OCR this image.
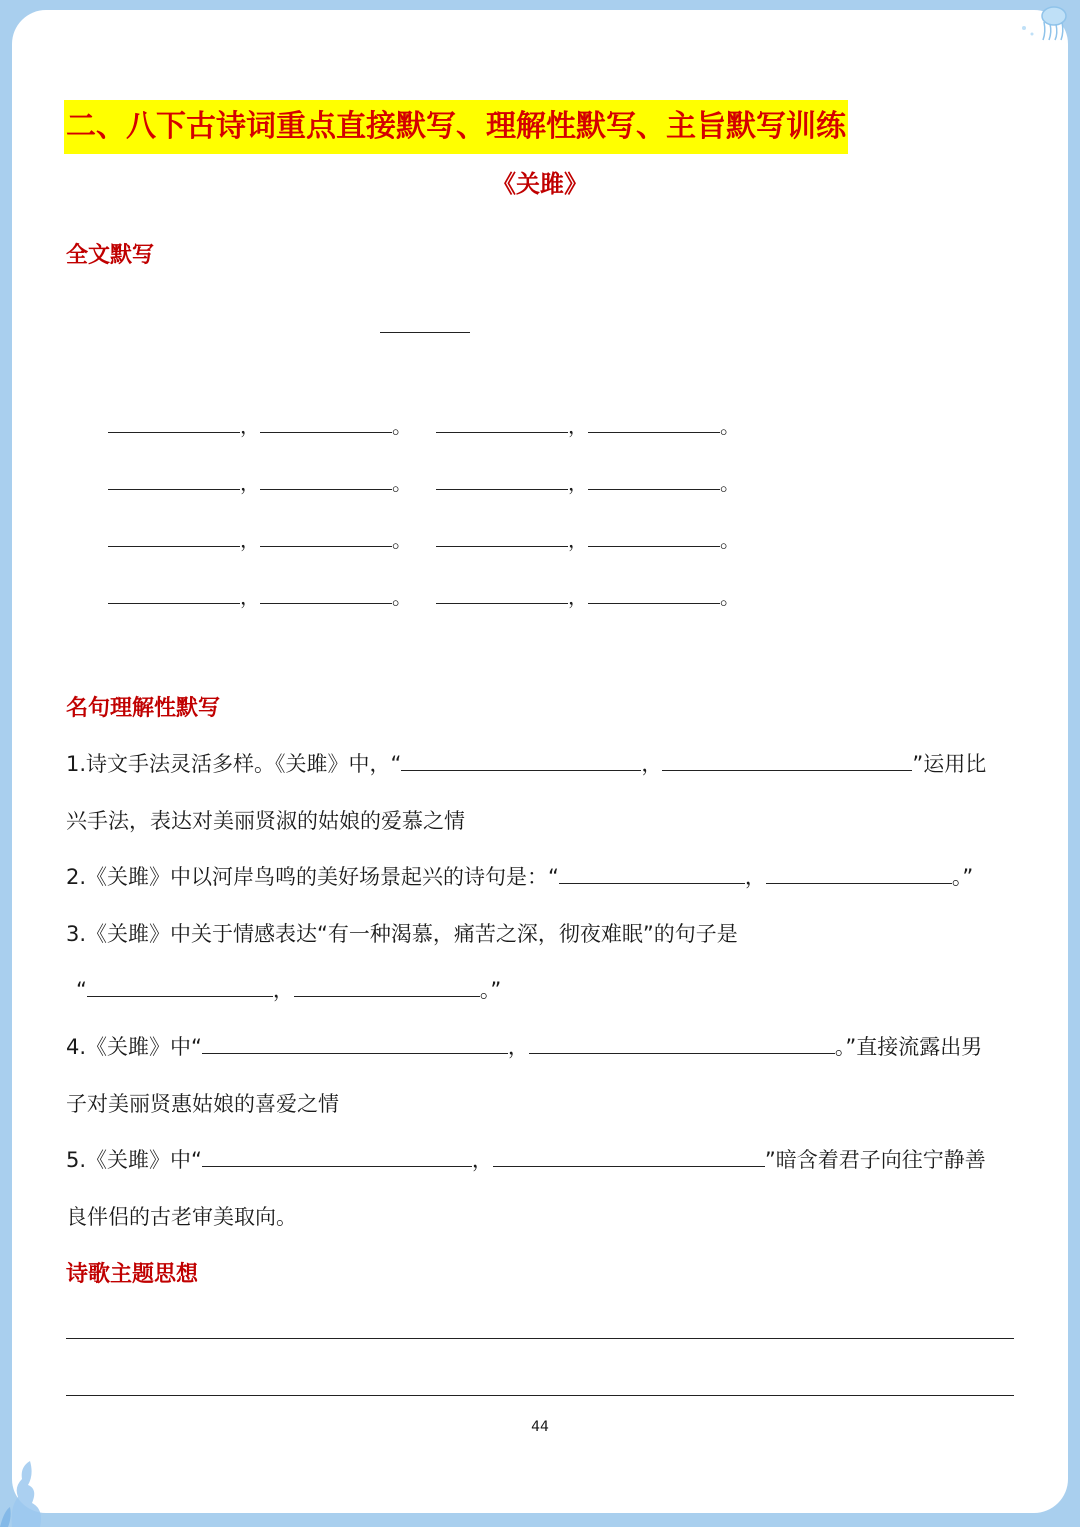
二、八下古诗词重点直接默写、理解性默写、主旨默写训练
《关雎》
全文默写
，	。	，	。
，	。	，	。
，	。	，	。
，	。	，	。
名句理解性默写
1.诗文手法灵活多样。《关雎》中，“	，	”运用比
兴手法，表达对美丽贤淑的姑娘的爱慕之情
2.《关雎》中以河岸鸟鸣的美好场景起兴的诗句是：“	，	。”
3.《关雎》中关于情感表达“有一种渴慕，痛苦之深，彻夜难眠”的句子是
“	，	。”
4.《关雎》中“	，	。”直接流露出男
子对美丽贤惠姑娘的喜爱之情
5.《关雎》中“	，	”暗含着君子向往宁静善
良伴侣的古老审美取向。
诗歌主题思想
44
